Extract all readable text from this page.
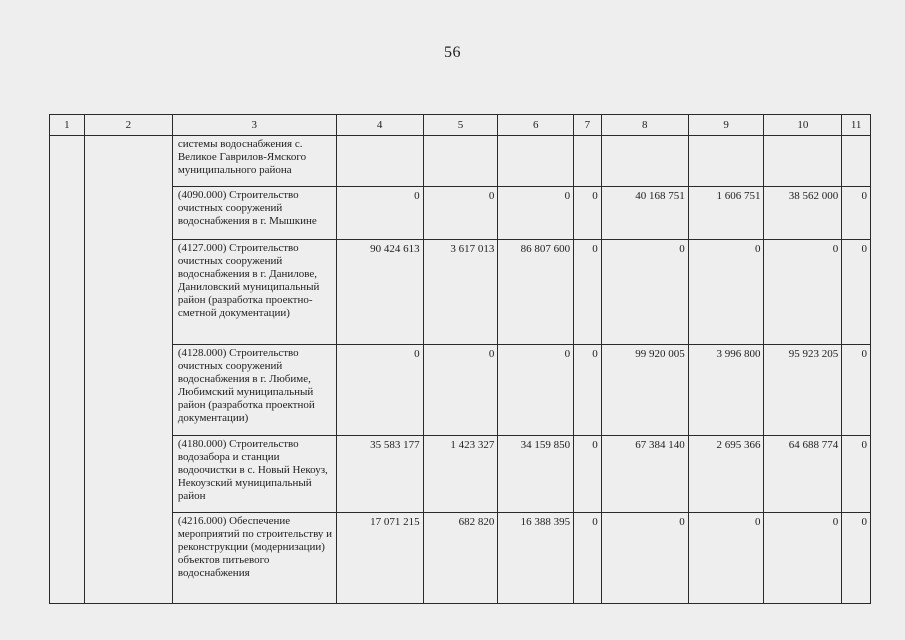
56
1	2	3	4	5	6	7	8	9	10	11
		системы водоснабжения с. Великое Гаврилов-Ямского муниципального района								
		(4090.000) Строительство очистных сооружений водоснабжения в г. Мышкине	0	0	0	0	40 168 751	1 606 751	38 562 000	0
		(4127.000) Строительство очистных сооружений водоснабжения в г. Данилове, Даниловский муниципальный район (разработка проектно-сметной документации)	90 424 613	3 617 013	86 807 600	0	0	0	0	0
		(4128.000) Строительство очистных сооружений водоснабжения в г. Любиме, Любимский муниципальный район (разработка проектной документации)	0	0	0	0	99 920 005	3 996 800	95 923 205	0
		(4180.000) Строительство водозабора и станции водоочистки в с. Новый Некоуз, Некоузский муниципальный район	35 583 177	1 423 327	34 159 850	0	67 384 140	2 695 366	64 688 774	0
		(4216.000) Обеспечение мероприятий по строительству и реконструкции (модернизации) объектов питьевого водоснабжения	17 071 215	682 820	16 388 395	0	0	0	0	0
